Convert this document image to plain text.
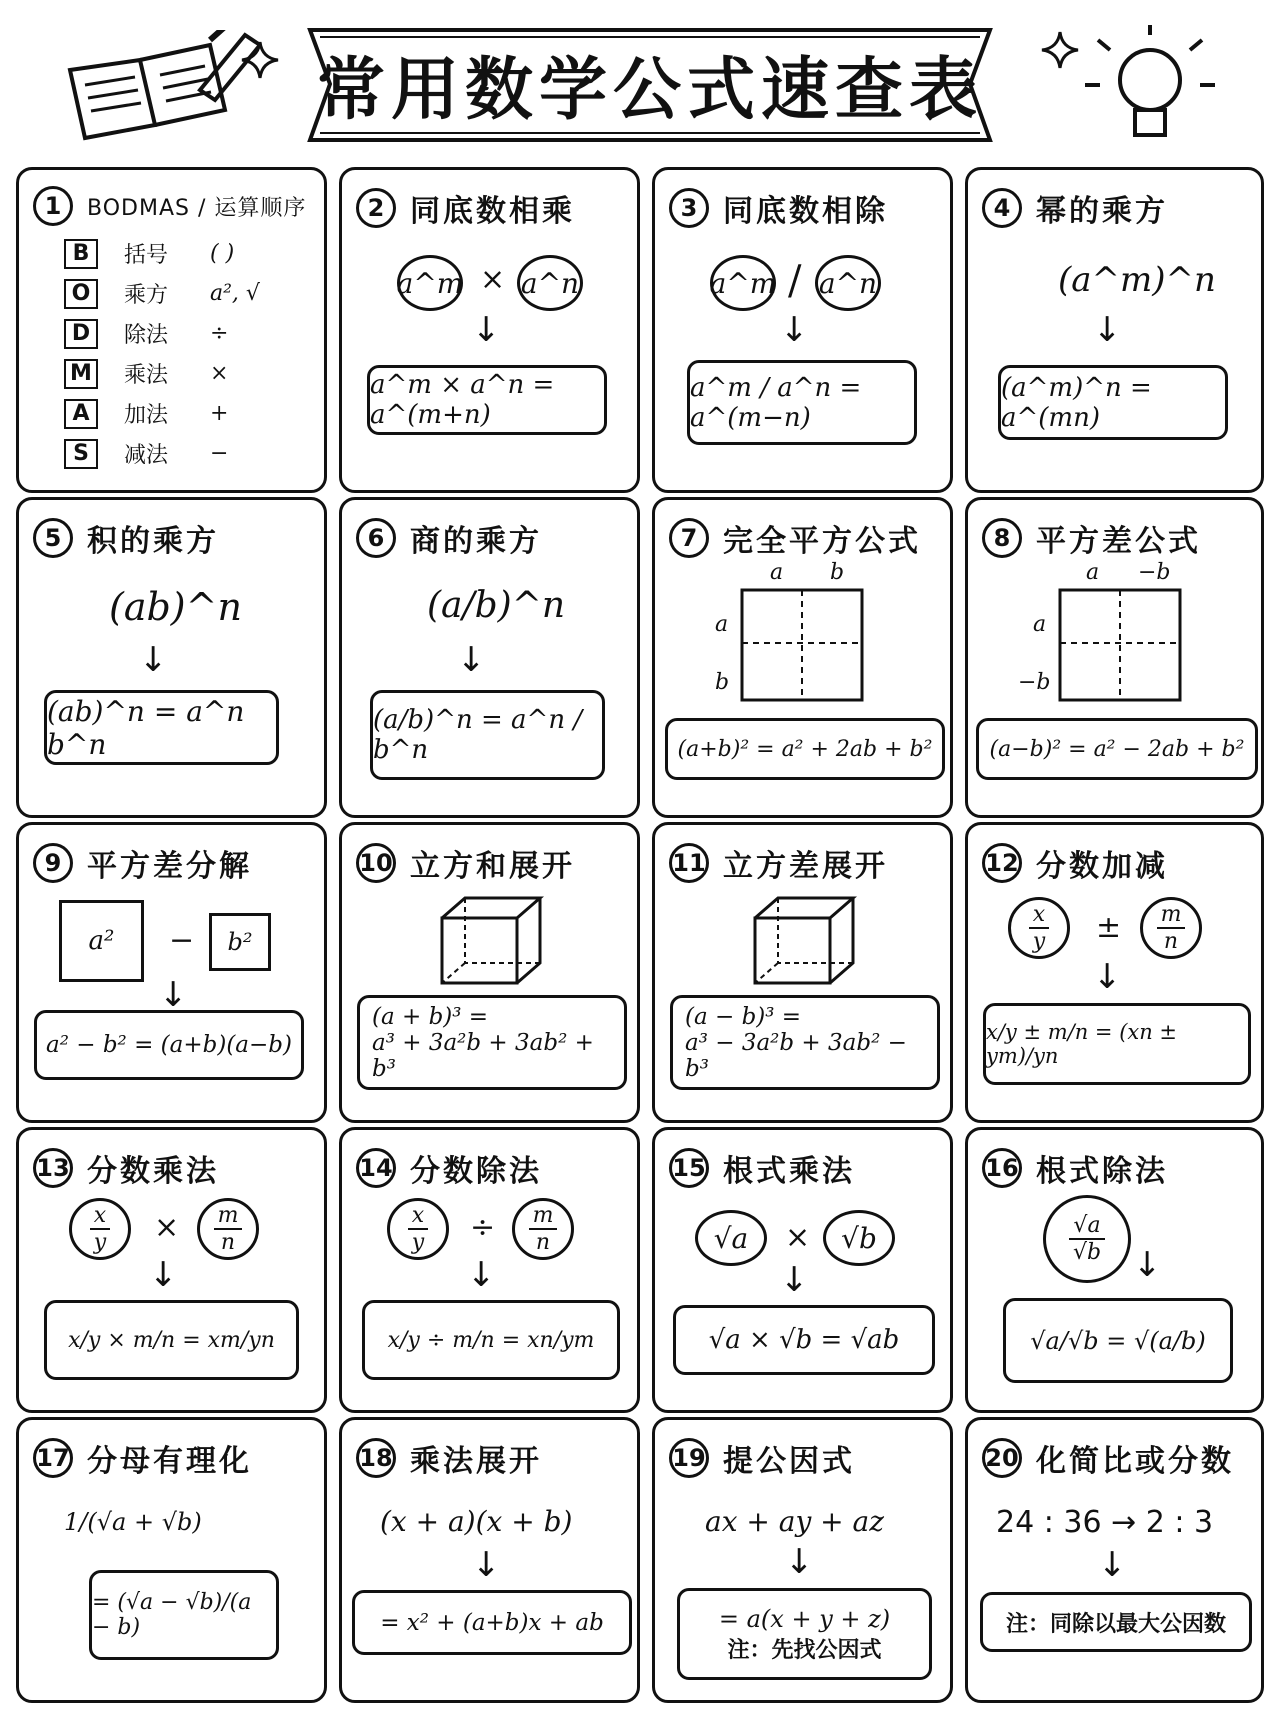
常用数学公式速查表
1	BODMAS / 运算顺序
B	括号	( )
O	乘方	a², √
D	除法	÷
M 乘法	×
A	加法	+
S	减法	−
2 同底数相乘
a^m × a^n
↓
a^m × a^n = a^(m+n)
3 同底数相除
a^m / a^n
↓
a^m / a^n = a^(m−n)
4 幂的乘方
(a^m)^n
↓
(a^m)^n = a^(mn)
5 积的乘方
(ab)^n
↓
(ab)^n = a^n b^n
6 商的乘方
(a/b)^n
↓
(a/b)^n = a^n / b^n
7 完全平方公式
a b
a
b
(a+b)² = a² + 2ab + b²
8 平方差公式
a −b
a
−b
(a−b)² = a² − 2ab + b²
9 平方差分解
a²	−	b²
↓
a² − b² = (a+b)(a−b)
10 立方和展开
(a + b)³ =
a³ + 3a²b + 3ab² + b³
11 立方差展开
(a − b)³ =
a³ − 3a²b + 3ab² − b³
12 分数加减
$\frac{x}{y} \pm \frac{m}{n}$
↓
x/y ± m/n = (xn ± ym)/yn
13 分数乘法
$\frac{x}{y} \times \frac{m}{n}$
↓
x/y × m/n = xm/yn
14 分数除法
$\frac{x}{y} \div \frac{m}{n}$
↓
x/y ÷ m/n = xn/ym
15 根式乘法
√a	×	√b
↓
√a × √b = √ab
16 根式除法
$\frac{√a}{√b}$ ↓
√a/√b = √(a/b)
17 分母有理化
1/(√a + √b)
= (√a − √b)/(a − b)
18 乘法展开
(x + a)(x + b)
↓
= x² + (a+b)x + ab
19 提公因式
ax + ay + az
↓
= a(x + y + z)
注：先找公因式
20 化简比或分数
24 : 36 → 2 : 3
↓
注：同除以最大公因数
